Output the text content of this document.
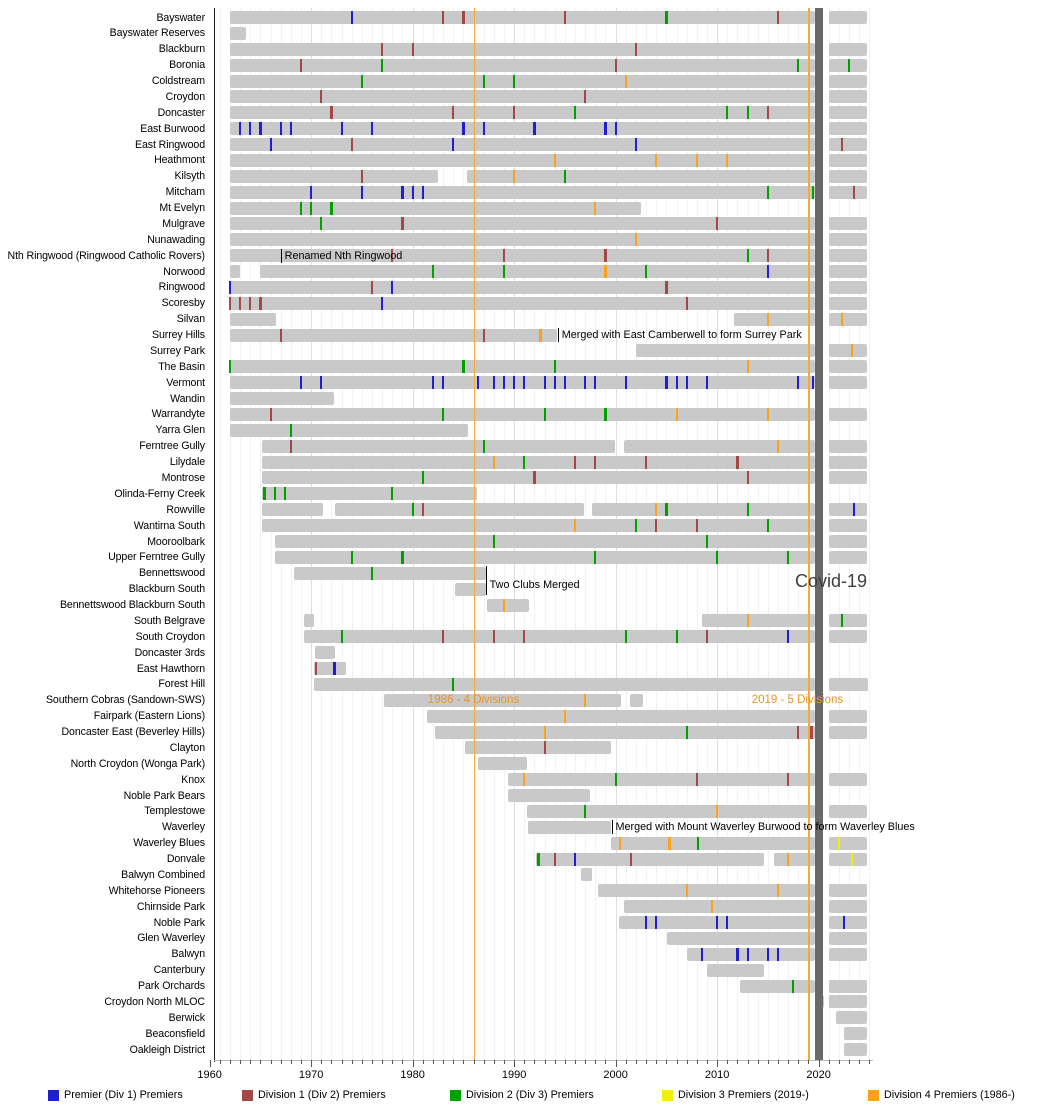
1960	1970	1980	1990	2000	2010	2020
Bayswater
Bayswater Reserves
Blackburn
Boronia
Coldstream
Croydon
Doncaster
East Burwood
East Ringwood
Heathmont
Kilsyth
Mitcham
Mt Evelyn
Mulgrave
Nunawading
Nth Ringwood (Ringwood Catholic Rovers)	Renamed Nth Ringwood
Norwood
Ringwood
Scoresby
Silvan
Surrey Hills	Merged with East Camberwell to form Surrey Park
Surrey Park
The Basin
Vermont
Wandin
Warrandyte
Yarra Glen
Ferntree Gully
Lilydale
Montrose
Olinda-Ferny Creek
Rowville
Wantirna South
Mooroolbark
Upper Ferntree Gully
Bennettswood
Two Clubs Merged
Blackburn South
Bennettswood Blackburn South
South Belgrave
South Croydon
Doncaster 3rds
East Hawthorn
Forest Hill
Southern Cobras (Sandown-SWS)
Fairpark (Eastern Lions)
Doncaster East (Beverley Hills)
Clayton
North Croydon (Wonga Park)
Knox
Noble Park Bears
Templestowe
Waverley	Merged with Mount Waverley Burwood to form Waverley Blues
Waverley Blues
Donvale
Balwyn Combined
Whitehorse Pioneers
Chirnside Park
Noble Park
Glen Waverley
Balwyn
Canterbury
Park Orchards
Croydon North MLOC
Berwick
Beaconsfield
Oakleigh District
1986 - 4 Divisions	2019 - 5 Divisions
Covid-19
Premier (Div 1) Premiers	Division 1 (Div 2) Premiers	Division 2 (Div 3) Premiers	Division 3 Premiers (2019-)	Division 4 Premiers (1986-)
